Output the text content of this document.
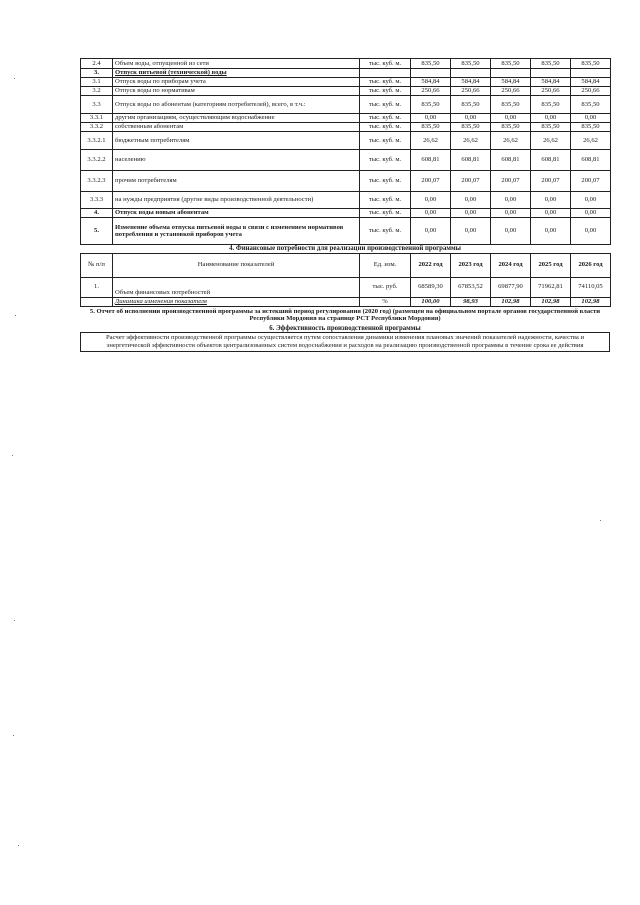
2.4	Объем воды, отпущенной из сети	тыс. куб. м.	835,50	835,50	835,50	835,50	835,50
3.	Отпуск питьевой (технической) воды						
3.1	Отпуск воды по приборам учета	тыс. куб. м.	584,84	584,84	584,84	584,84	584,84
3.2	Отпуск воды по нормативам	тыс. куб. м.	250,66	250,66	250,66	250,66	250,66
3.3	Отпуск воды по абонентам (категориям потребителей), всего, в т.ч.:	тыс. куб. м.	835,50	835,50	835,50	835,50	835,50
3.3.1	другим организациям, осуществляющим водоснабжение	тыс. куб. м.	0,00	0,00	0,00	0,00	0,00
3.3.2	собственным абонентам	тыс. куб. м.	835,50	835,50	835,50	835,50	835,50
3.3.2.1	бюджетным потребителям	тыс. куб. м.	26,62	26,62	26,62	26,62	26,62
3.3.2.2	населению	тыс. куб. м.	608,81	608,81	608,81	608,81	608,81
3.3.2.3	прочим потребителям	тыс. куб. м.	200,07	200,07	200,07	200,07	200,07
3.3.3	на нужды предприятия (другие виды производственной деятельности)	тыс. куб. м.	0,00	0,00	0,00	0,00	0,00
4.	Отпуск воды новым абонентам	тыс. куб. м.	0,00	0,00	0,00	0,00	0,00
5.	Изменение объема отпуска питьевой воды в связи с изменением нормативов потребления и установкой приборов учета	тыс. куб. м.	0,00	0,00	0,00	0,00	0,00

4. Финансовые потребности для реализации производственной программы

№ п/п	Наименование показателей	Ед. изм.	2022 год	2023 год	2024 год	2025 год	2026 год
1.	Объем финансовых потребностей	тыс. руб.	68589,30	67853,52	69877,90	71962,81	74110,05
	Динамика изменения показателя	%	100,00	98,93	102,98	102,98	102,98

5. Отчет об исполнении производственной программы за истекший период регулирования (2020 год) (размещен на официальном портале органов государственной власти Республики Мордовия на странице РСТ Республики Мордовия)

6. Эффективность производственной программы

Расчет эффективности производственной программы осуществляется путем сопоставления динамики изменения плановых значений показателей надежности, качества и энергетической эффективности объектов централизованных систем водоснабжения и расходов на реализацию производственной программы в течение срока ее действия
